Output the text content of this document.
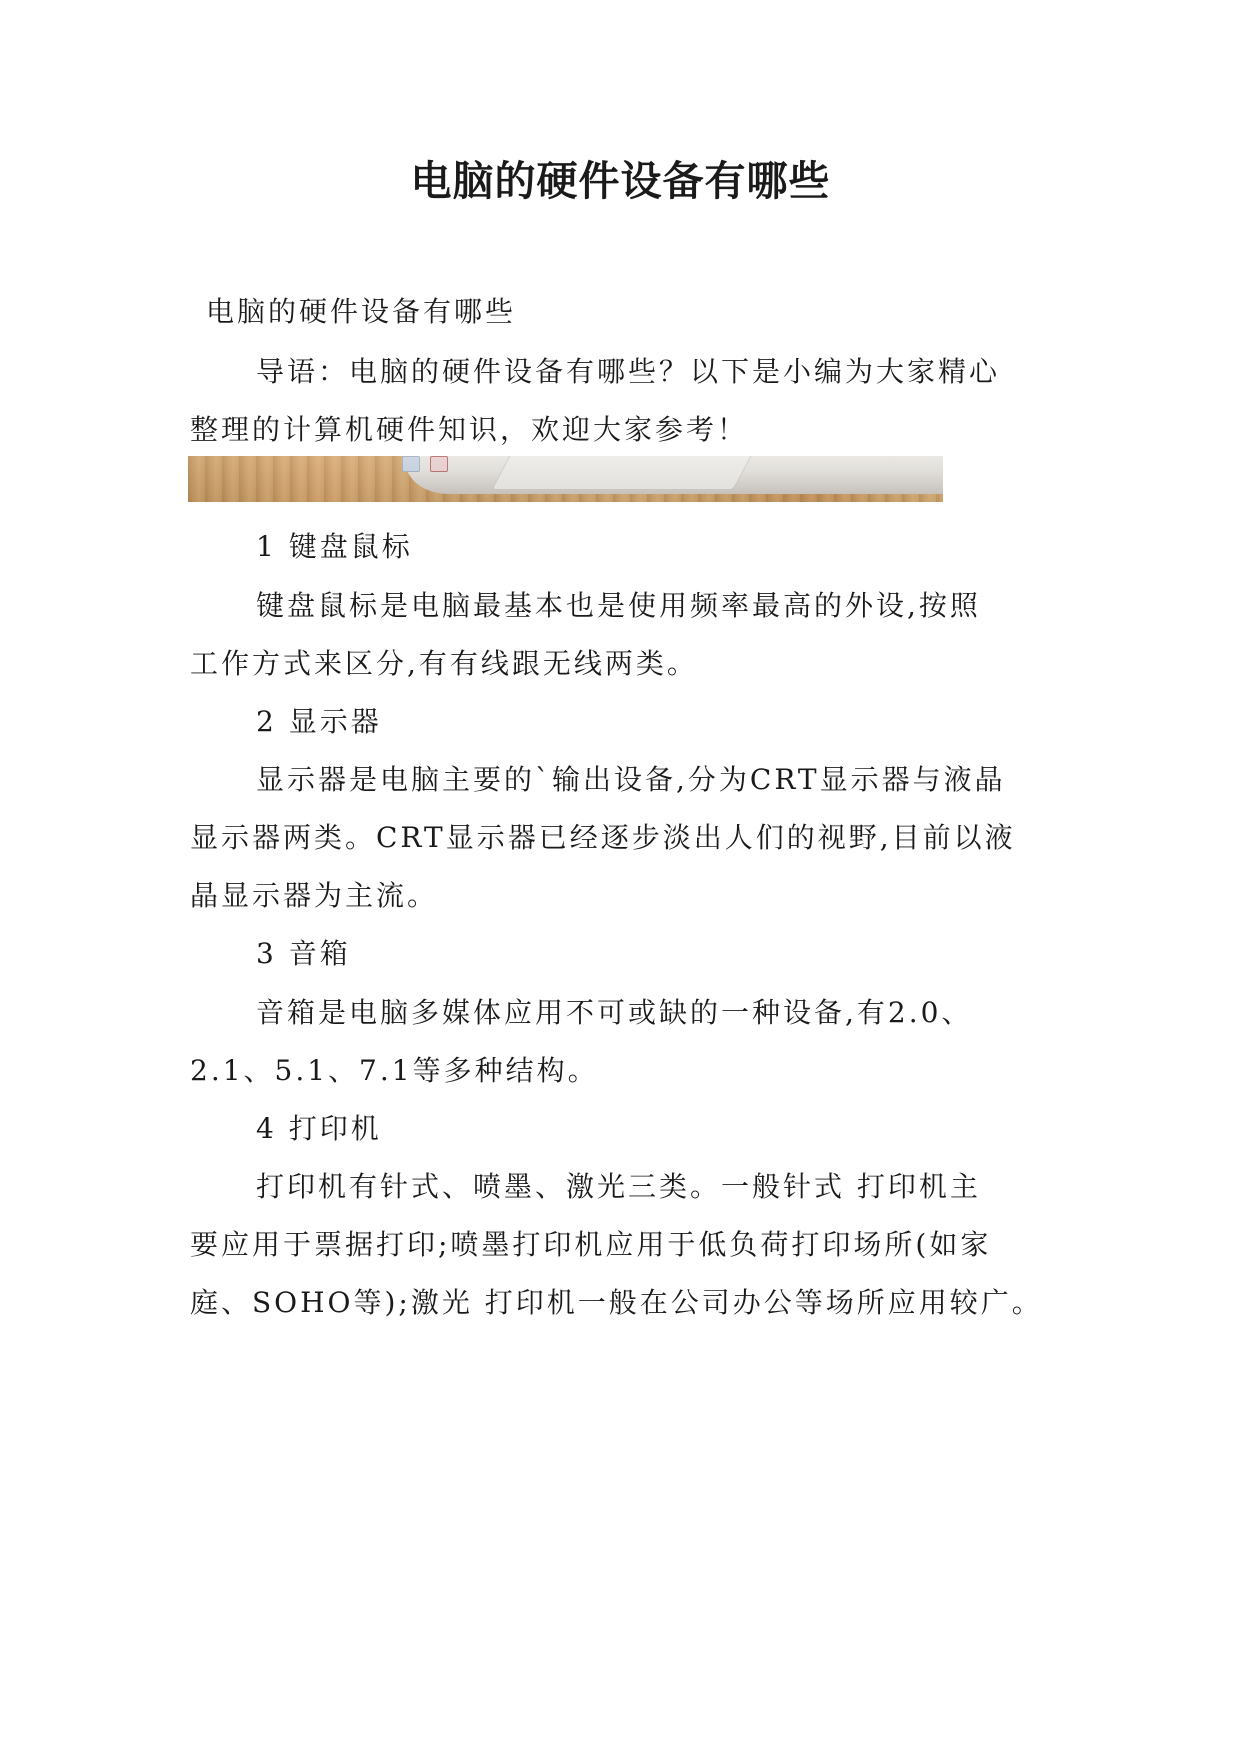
电脑的硬件设备有哪些

电脑的硬件设备有哪些

导语：电脑的硬件设备有哪些？以下是小编为大家精心

整理的计算机硬件知识，欢迎大家参考！

1 键盘鼠标

键盘鼠标是电脑最基本也是使用频率最高的外设,按照

工作方式来区分,有有线跟无线两类。

2 显示器

显示器是电脑主要的`输出设备,分为CRT显示器与液晶

显示器两类。CRT显示器已经逐步淡出人们的视野,目前以液

晶显示器为主流。

3 音箱

音箱是电脑多媒体应用不可或缺的一种设备,有2.0、

2.1、5.1、7.1等多种结构。

4 打印机

打印机有针式、喷墨、激光三类。一般针式 打印机主

要应用于票据打印;喷墨打印机应用于低负荷打印场所(如家

庭、SOHO等);激光 打印机一般在公司办公等场所应用较广。
